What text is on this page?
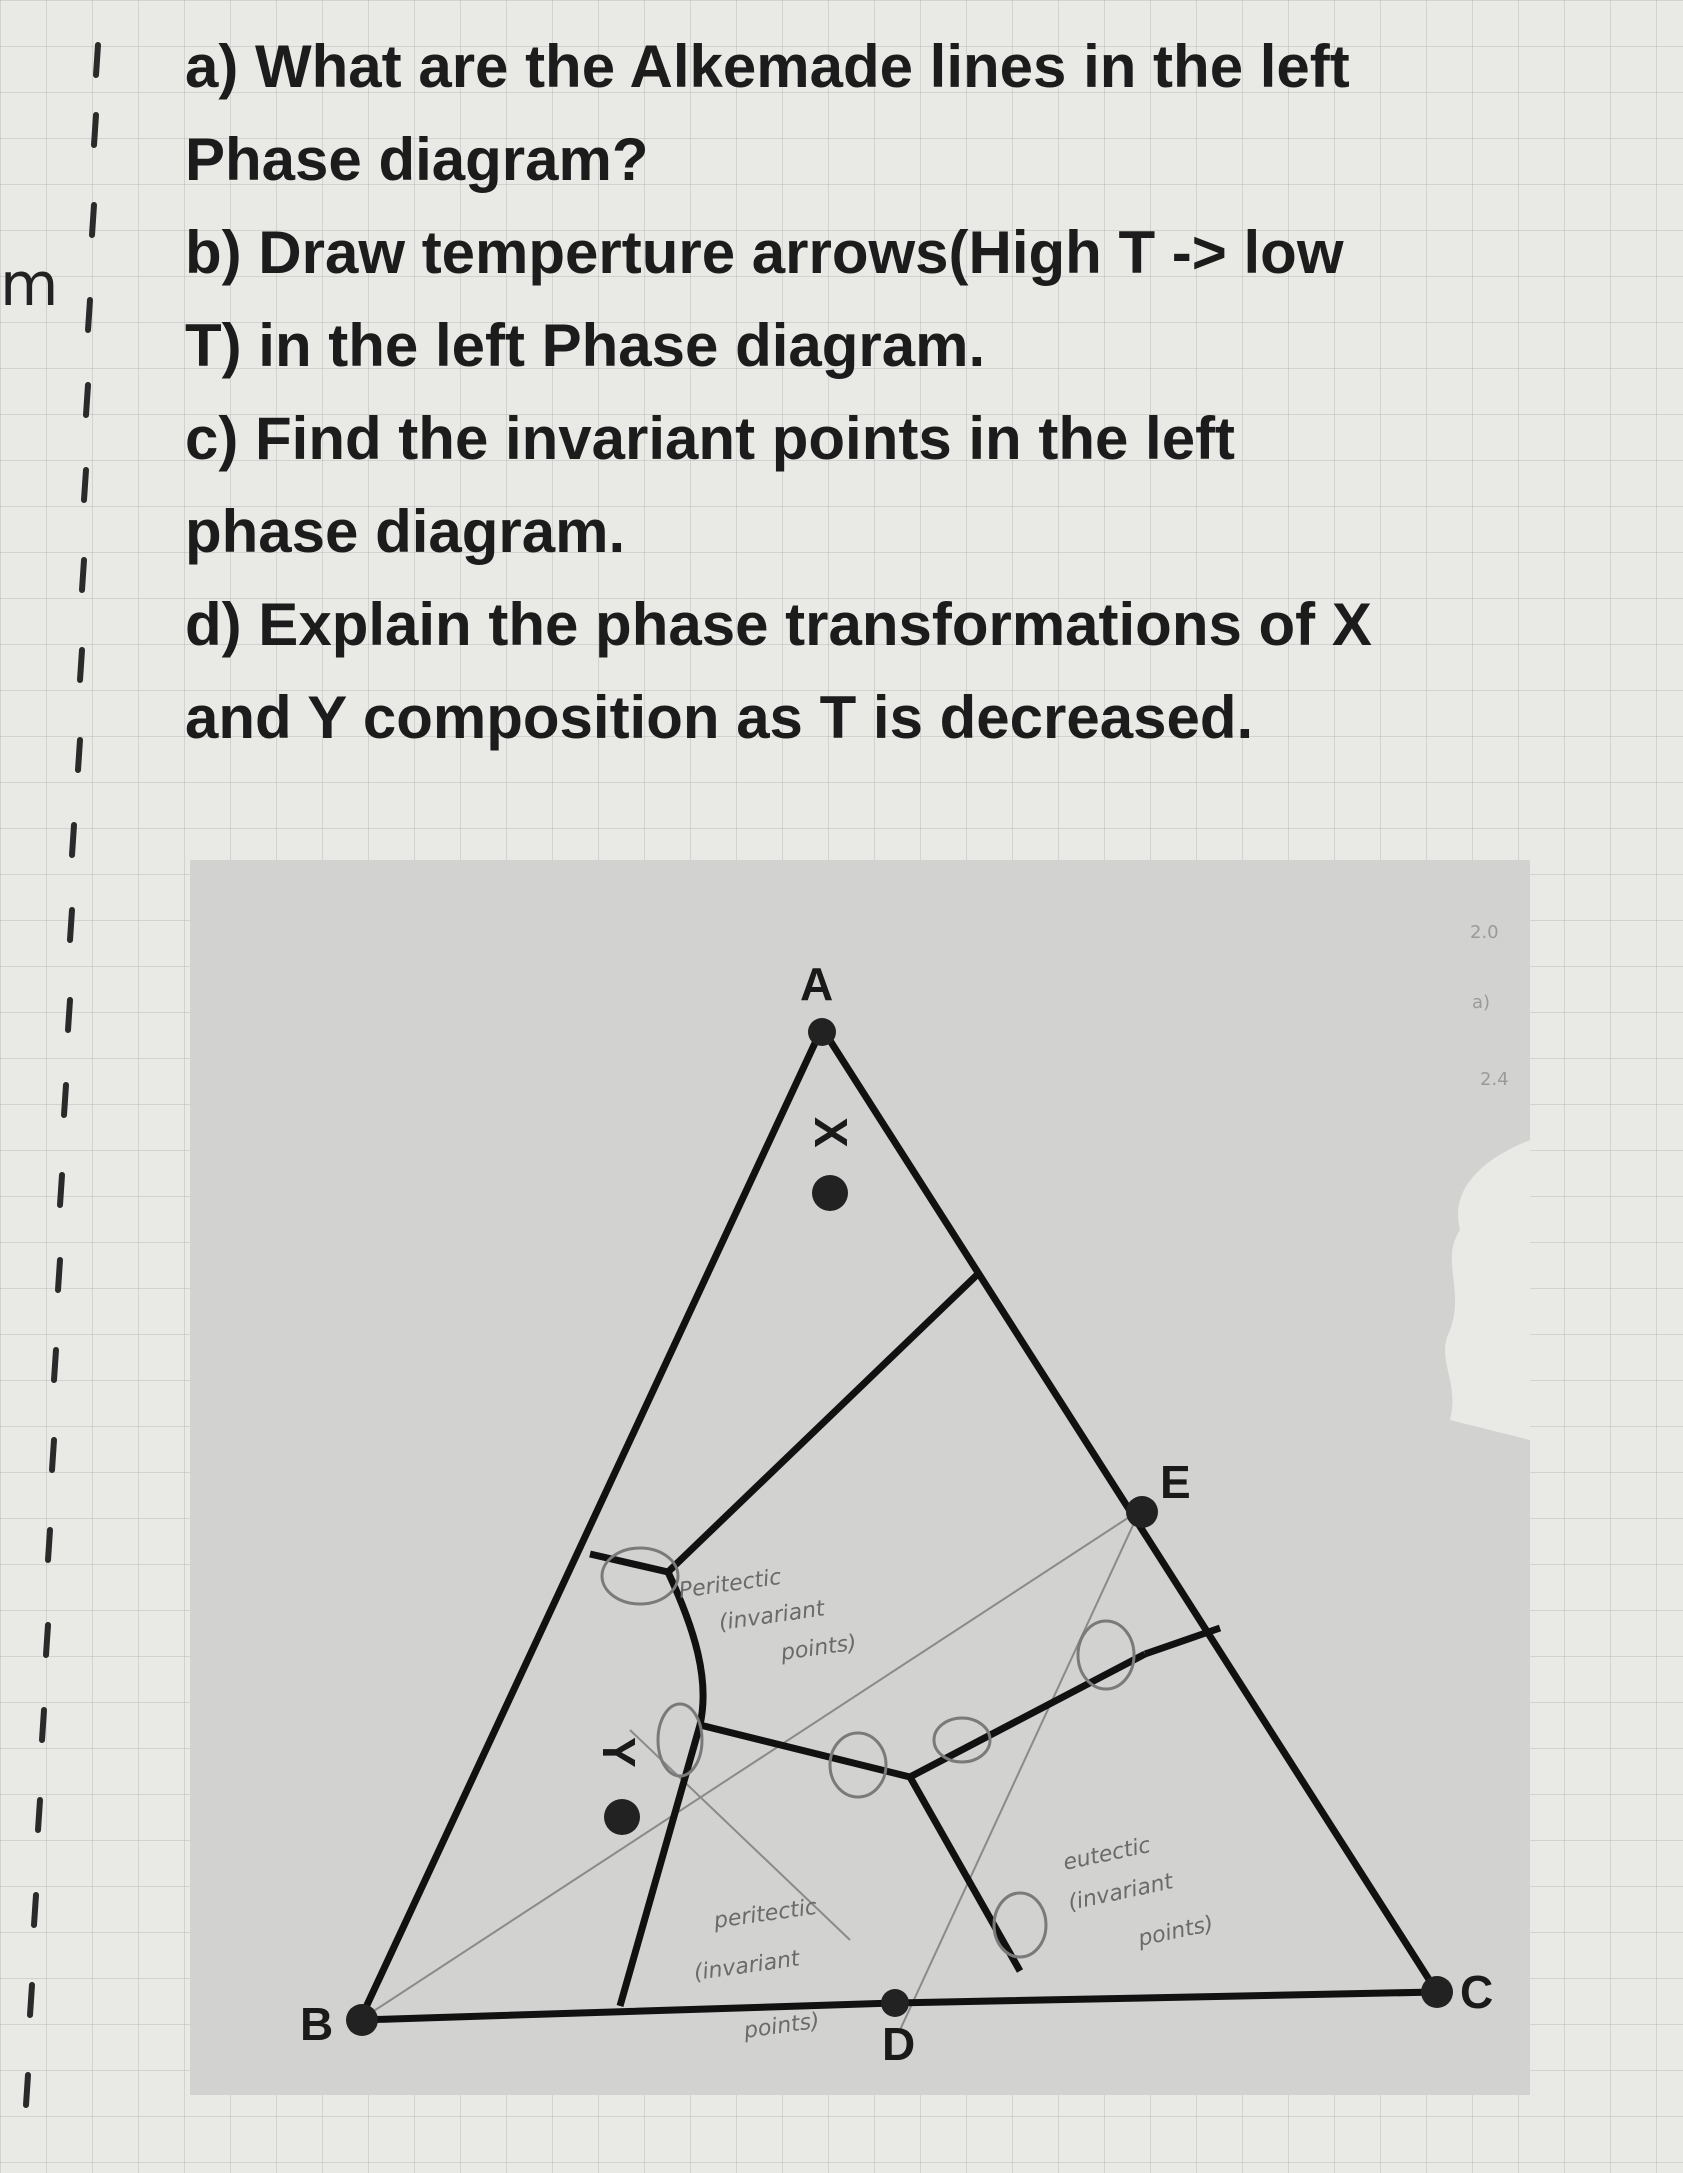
m

a) What are the Alkemade lines in the left
Phase diagram?

b) Draw temperture arrows(High T -> low
T) in the left Phase diagram.

c) Find the invariant points in the left
phase diagram.

d) Explain the phase transformations of X
and Y composition as T is decreased.

A
X
E
Y
B	D
C
Peritectic
(invariant
points)
peritectic
(invariant
points)
eutectic
(invariant
points)
2.0
a)
2.4
